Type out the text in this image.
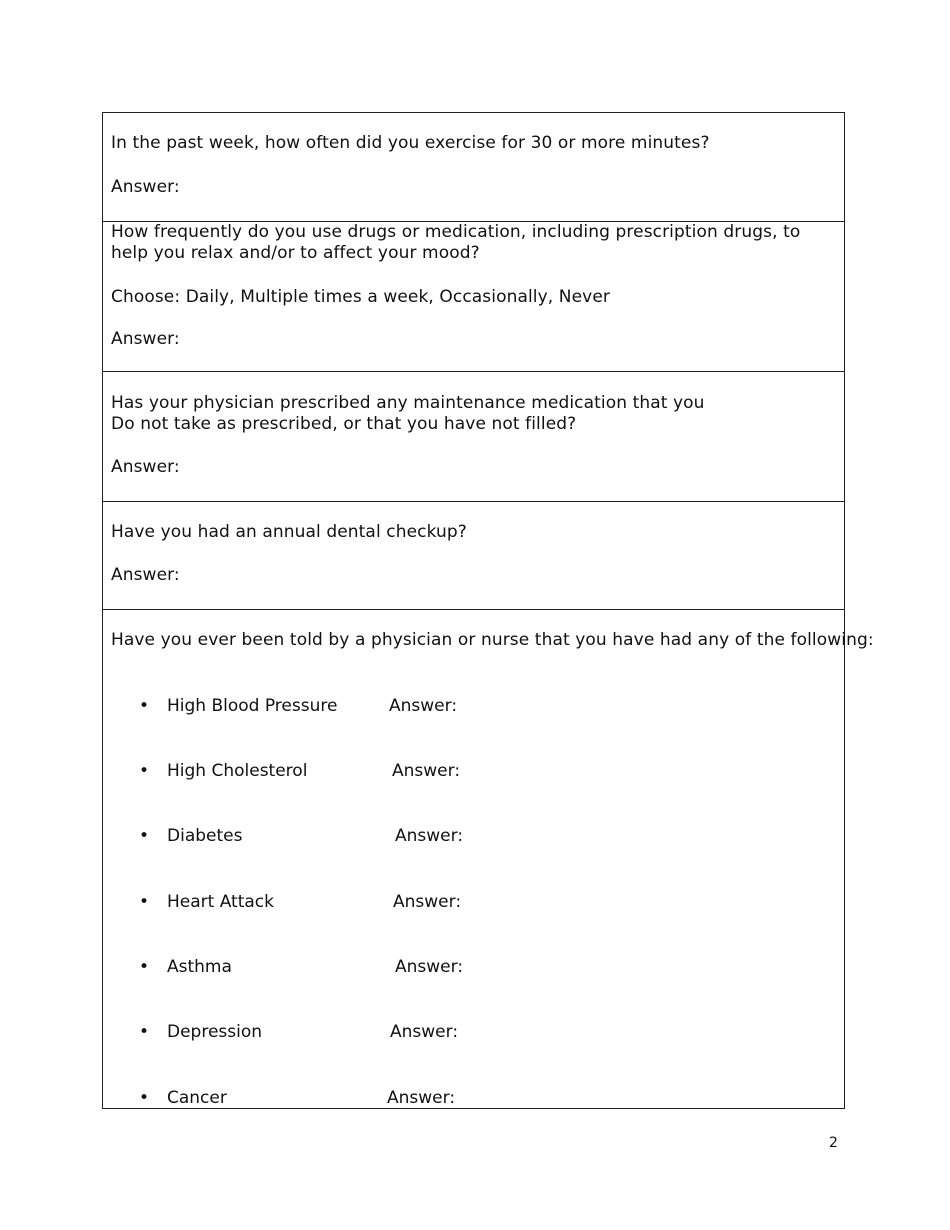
In the past week, how often did you exercise for 30 or more minutes?
Answer:
How frequently do you use drugs or medication, including prescription drugs, to
help you relax and/or to affect your mood?
Choose: Daily, Multiple times a week, Occasionally, Never
Answer:
Has your physician prescribed any maintenance medication that you
Do not take as prescribed, or that you have not filled?
Answer:
Have you had an annual dental checkup?
Answer:
Have you ever been told by a physician or nurse that you have had any of the following:
• High Blood Pressure	Answer:
• High Cholesterol	Answer:
• Diabetes	Answer:
• Heart Attack	Answer:
• Asthma	Answer:
• Depression	Answer:
• Cancer	Answer:
2
